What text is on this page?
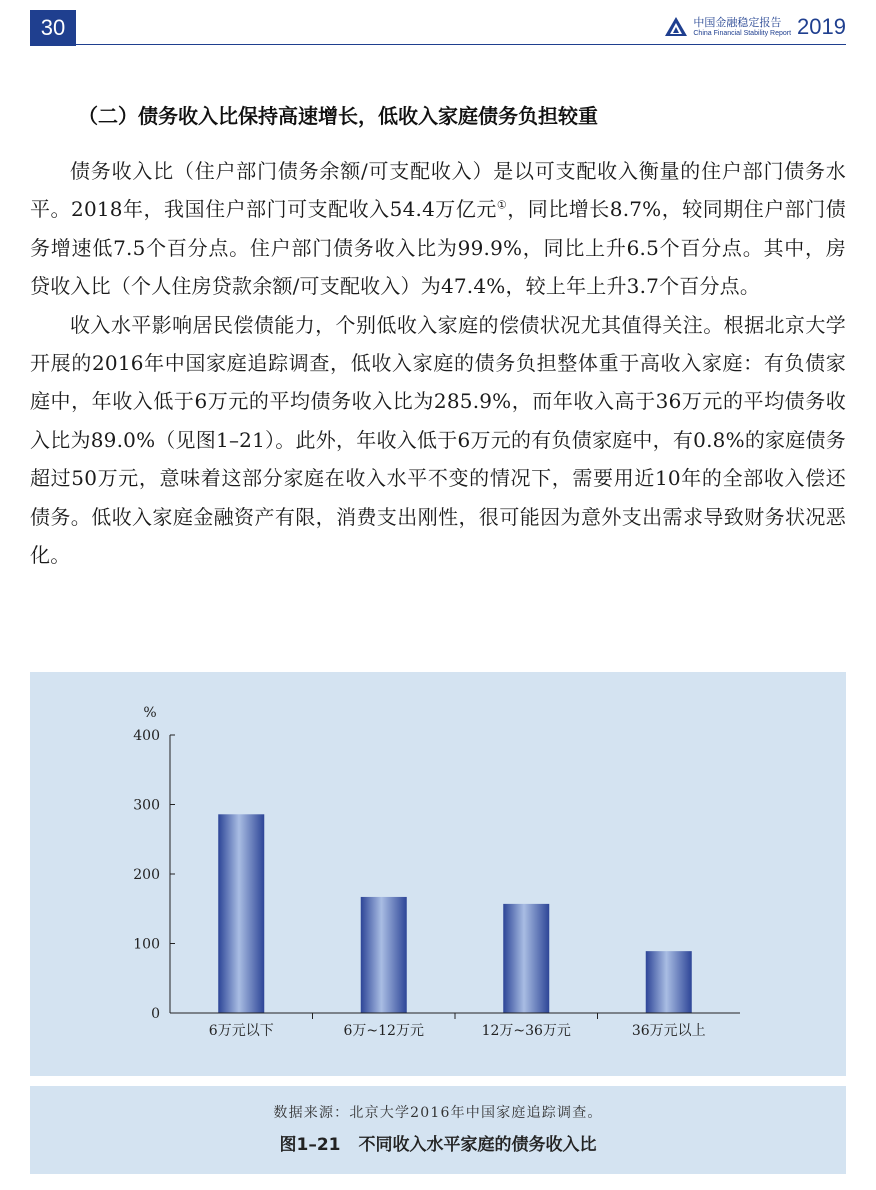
30	中国金融稳定报告
China Financial Stability Report 2019
（二）债务收入比保持高速增长，低收入家庭债务负担较重

债务收入比（住户部门债务余额/可支配收入）是以可支配收入衡量的住户部门债务水平。2018年，我国住户部门可支配收入54.4万亿元①，同比增长8.7%，较同期住户部门债务增速低7.5个百分点。住户部门债务收入比为99.9%，同比上升6.5个百分点。其中，房贷收入比（个人住房贷款余额/可支配收入）为47.4%，较上年上升3.7个百分点。

收入水平影响居民偿债能力，个别低收入家庭的偿债状况尤其值得关注。根据北京大学开展的2016年中国家庭追踪调查，低收入家庭的债务负担整体重于高收入家庭：有负债家庭中，年收入低于6万元的平均债务收入比为285.9%，而年收入高于36万元的平均债务收入比为89.0%（见图1–21）。此外，年收入低于6万元的有负债家庭中，有0.8%的家庭债务超过50万元，意味着这部分家庭在收入水平不变的情况下，需要用近10年的全部收入偿还债务。低收入家庭金融资产有限，消费支出刚性，很可能因为意外支出需求导致财务状况恶化。

%
0
100
200
300
400
6万元以下	6万~12万元	12万~36万元	36万元以上
数据来源：北京大学2016年中国家庭追踪调查。
图1–21 不同收入水平家庭的债务收入比
